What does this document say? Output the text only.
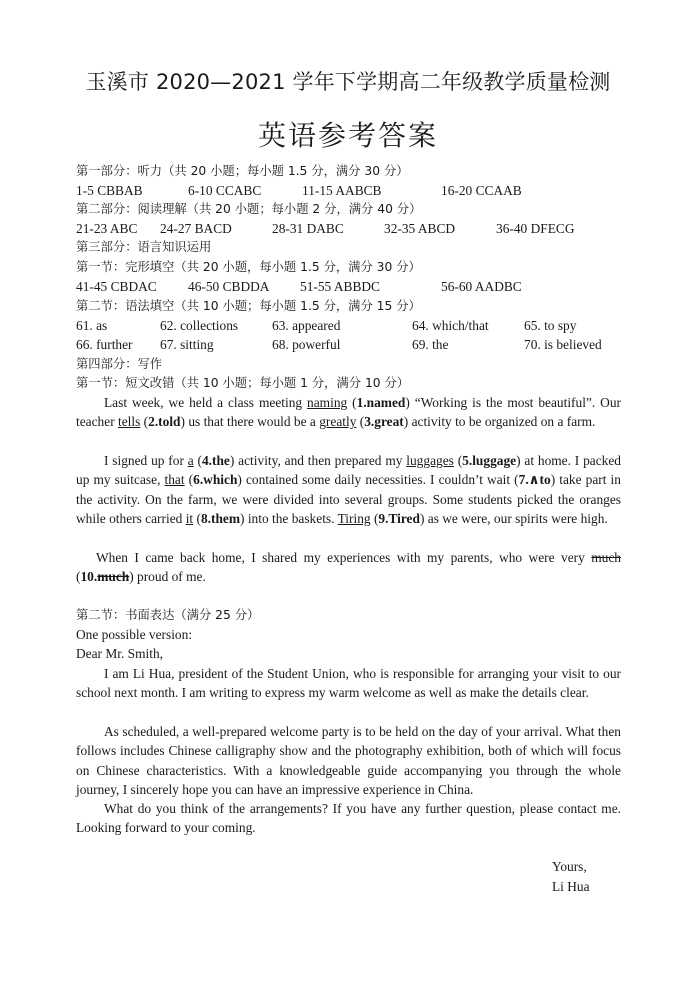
玉溪市 2020—2021 学年下学期高二年级教学质量检测
英语参考答案
第一部分：听力（共 20 小题；每小题 1.5 分，满分 30 分）
1-5 CBBAB	6-10 CCABC	11-15 AABCB	16-20 CCAAB
第二部分：阅读理解（共 20 小题；每小题 2 分，满分 40 分）
21-23 ABC 24-27 BACD	28-31 DABC	32-35 ABCD	36-40 DFECG
第三部分：语言知识运用
第一节：完形填空（共 20 小题，每小题 1.5 分，满分 30 分）
41-45 CBDAC 46-50 CBDDA 51-55 ABBDC	56-60 AADBC
第二节：语法填空（共 10 小题；每小题 1.5 分，满分 15 分）
61. as	62. collections	63. appeared	64. which/that	65. to spy
66. further 67. sitting	68. powerful	69. the	70. is believed
第四部分：写作
第一节：短文改错（共 10 小题；每小题 1 分，满分 10 分）
Last week, we held a class meeting naming (1.named) “Working is the most beautiful”. Our teacher tells (2.told) us that there would be a greatly (3.great) activity to be organized on a farm.
I signed up for a (4.the) activity, and then prepared my luggages (5.luggage) at home. I packed up my suitcase, that (6.which) contained some daily necessities. I couldn’t wait (7.∧to) take part in the activity. On the farm, we were divided into several groups. Some students picked the oranges while others carried it (8.them) into the baskets. Tiring (9.Tired) as we were, our spirits were high.
When I came back home, I shared my experiences with my parents, who were very much (10.much) proud of me.
第二节：书面表达（满分 25 分）
One possible version:
Dear Mr. Smith,
I am Li Hua, president of the Student Union, who is responsible for arranging your visit to our school next month. I am writing to express my warm welcome as well as make the details clear.
As scheduled, a well-prepared welcome party is to be held on the day of your arrival. What then follows includes Chinese calligraphy show and the photography exhibition, both of which will focus on Chinese characteristics. With a knowledgeable guide accompanying you through the whole journey, I sincerely hope you can have an impressive experience in China.
What do you think of the arrangements? If you have any further question, please contact me. Looking forward to your coming.
Yours,
Li Hua
